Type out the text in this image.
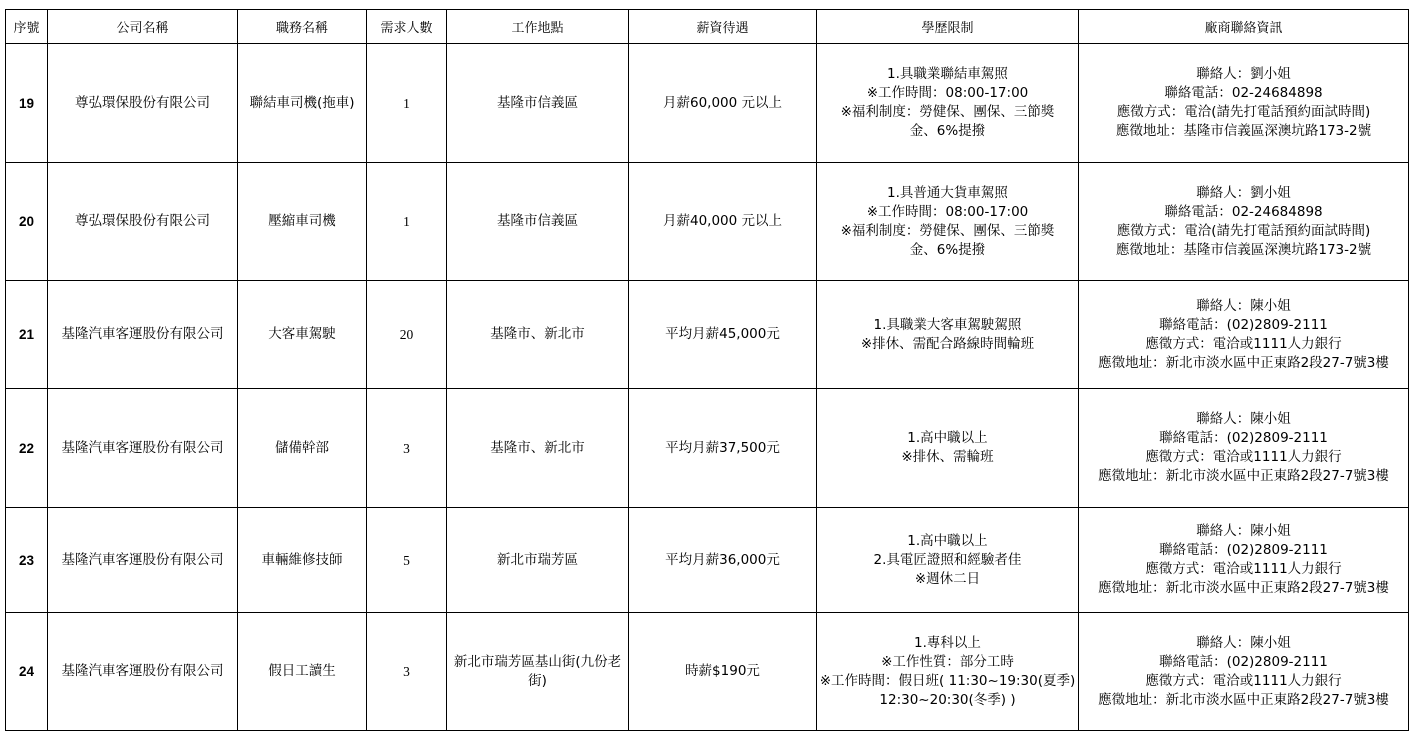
序號	公司名稱	職務名稱	需求人數	工作地點	薪資待遇	學歷限制	廠商聯絡資訊
19	尊弘環保股份有限公司	聯結車司機(拖車)	1	基隆市信義區	月薪60,000 元以上	1.具職業聯結車駕照
※工作時間：08:00-17:00
※福利制度：勞健保、團保、三節獎
金、6%提撥	聯絡人：劉小姐
聯絡電話：02-24684898
應徵方式：電洽(請先打電話預約面試時間)
應徵地址：基隆市信義區深澳坑路173-2號

20	尊弘環保股份有限公司	壓縮車司機	1	基隆市信義區	月薪40,000 元以上	1.具普通大貨車駕照
※工作時間：08:00-17:00
※福利制度：勞健保、團保、三節獎
金、6%提撥	聯絡人：劉小姐
聯絡電話：02-24684898
應徵方式：電洽(請先打電話預約面試時間)
應徵地址：基隆市信義區深澳坑路173-2號

21	基隆汽車客運股份有限公司	大客車駕駛	20	基隆市、新北市	平均月薪45,000元	1.具職業大客車駕駛駕照
※排休、需配合路線時間輪班	聯絡人：陳小姐
聯絡電話：(02)2809-2111
應徵方式：電洽或1111人力銀行
應徵地址：新北市淡水區中正東路2段27-7號3樓

22	基隆汽車客運股份有限公司	儲備幹部	3	基隆市、新北市	平均月薪37,500元	1.高中職以上
※排休、需輪班	聯絡人：陳小姐
聯絡電話：(02)2809-2111
應徵方式：電洽或1111人力銀行
應徵地址：新北市淡水區中正東路2段27-7號3樓

23	基隆汽車客運股份有限公司	車輛維修技師	5	新北市瑞芳區	平均月薪36,000元	1.高中職以上
2.具電匠證照和經驗者佳
※週休二日	聯絡人：陳小姐
聯絡電話：(02)2809-2111
應徵方式：電洽或1111人力銀行
應徵地址：新北市淡水區中正東路2段27-7號3樓

24	基隆汽車客運股份有限公司	假日工讀生	3	新北市瑞芳區基山街(九份老街)	時薪$190元	1.專科以上
※工作性質：部分工時
※工作時間：假日班( 11:30~19:30(夏季)
12:30~20:30(冬季) )	聯絡人：陳小姐
聯絡電話：(02)2809-2111
應徵方式：電洽或1111人力銀行
應徵地址：新北市淡水區中正東路2段27-7號3樓
